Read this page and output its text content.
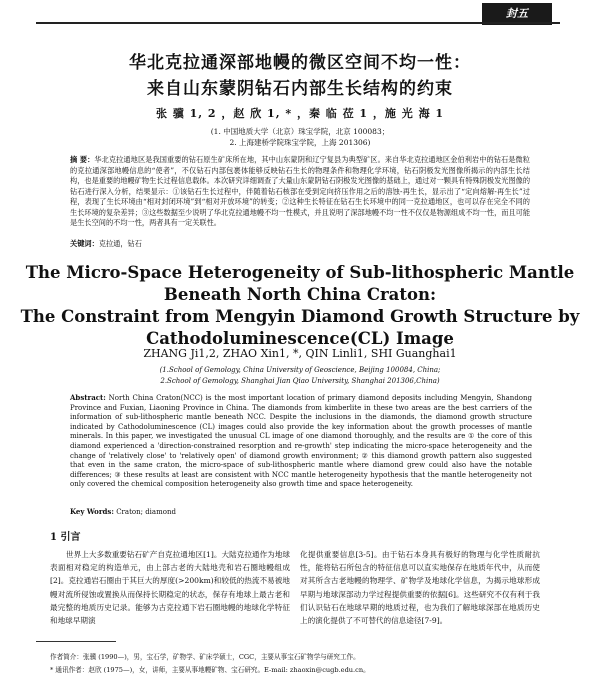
封五
华北克拉通深部地幔的微区空间不均一性：
来自山东蒙阴钻石内部生长结构的约束
张 骥 1, 2 ，赵 欣 1, * ，秦 临 莅 1 ，施 光 海 1
(1. 中国地质大学（北京）珠宝学院，北京 100083；
2. 上海建桥学院珠宝学院，上海 201306)
摘 要：华北克拉通地区是我国重要的钻石原生矿床所在地，其中山东蒙阴和辽宁复县为典型矿区。来自华北克拉通地区金伯利岩中的钻石是微粒的克拉通深部地幔信息的“使者”，不仅钻石内部包裹体能够反映钻石生长的物理条件和物理化学环境，钻石阴极发光图像所揭示的内部生长结构，也是重要的地幔矿物生长过程信息载体。本次研究详细调查了大量山东蒙阴钻石阴极发光图像的基础上，通过对一颗具有特殊阴极发光图像的钻石进行深入分析，结果显示：①该钻石生长过程中，伴随着钻石核部在受到定向挤压作用之后的溶蚀-再生长，显示出了“定向熔解-再生长”过程，表现了生长环境由“相对封闭环境”到“相对开放环境”的转变；②这种生长特征在钻石生长环境中的同一克拉通地区，也可以存在完全不同的生长环境的复杂差异；③这些数据至少说明了华北克拉通地幔不均一性模式，并且说明了深部地幔不均一性不仅仅是物源组成不均一性，而且可能是生长空间的不均一性，两者具有一定关联性。
关键词：克拉通，钻石
The Micro-Space Heterogeneity of Sub-lithospheric Mantle
Beneath North China Craton:
The Constraint from Mengyin Diamond Growth Structure by
Cathodoluminescence(CL) Image
ZHANG Ji1,2, ZHAO Xin1, *, QIN Linli1, SHI Guanghai1
(1.School of Gemology, China University of Geoscience, Beijing 100084, China;
2.School of Gemology, Shanghai Jian Qiao University, Shanghai 201306,China)
Abstract: North China Craton(NCC) is the most important location of primary diamond deposits including Mengyin, Shandong Province and Fuxian, Liaoning Province in China. The diamonds from kimberlite in these two areas are the best carriers of the information of sub-lithospheric mantle beneath NCC. Despite the inclusions in the diamonds, the diamond growth structure indicated by Cathodoluminescence (CL) images could also provide the key information about the growth processes of mantle minerals. In this paper, we investigated the unusual CL image of one diamond thoroughly, and the results are ① the core of this diamond experienced a 'direction-constrained resorption and re-growth' step indicating the micro-space heterogeneity and the change of 'relatively close' to 'relatively open' of diamond growth environment; ② this diamond growth pattern also suggested that even in the same craton, the micro-space of sub-lithospheric mantle where diamond grew could also have the notable differences; ③ these results at least are consistent with NCC mantle heterogeneity hypothesis that the mantle heterogeneity not only covered the chemical composition heterogeneity also growth time and space heterogeneity.
Key Words: Craton; diamond
1 引言
世界上大多数重要钻石矿产自克拉通地区[1]。大陆克拉通作为地球表面相对稳定的构造单元，由上部古老的大陆地壳和岩石圈地幔组成[2]。克拉通岩石圈由于其巨大的厚度(>200km)和较低的热流不易被地幔对流所侵蚀或置换从而保持长期稳定的状态，保存有地球上最古老和最完整的地质历史记录。能够为古克拉通下岩石圈地幔的地球化学特征和地球早期演
化提供重要信息[3-5]。由于钻石本身具有极好的物理与化学性质耐抗性，能将钻石所包含的特征信息可以直实地保存在地质年代中，从而使对其所含古老地幔的物理学、矿物学及地球化学信息，为揭示地球形成早期与地球深部动力学过程提供重要的依据[6]。这些研究不仅有利于我们认识钻石在地球早期的地质过程，也为我们了解地球深部在地质历史上的演化提供了不可替代的信息途径[7-9]。
作者简介：张骥 (1990—)，男，宝石学，矿物学、矿床学硕士，CGC，主要从事宝石矿物学与研究工作。
* 通讯作者：赵欣 (1975—)，女，讲师，主要从事地幔矿物、宝石研究。E-mail: zhaoxin@cugb.edu.cn。
